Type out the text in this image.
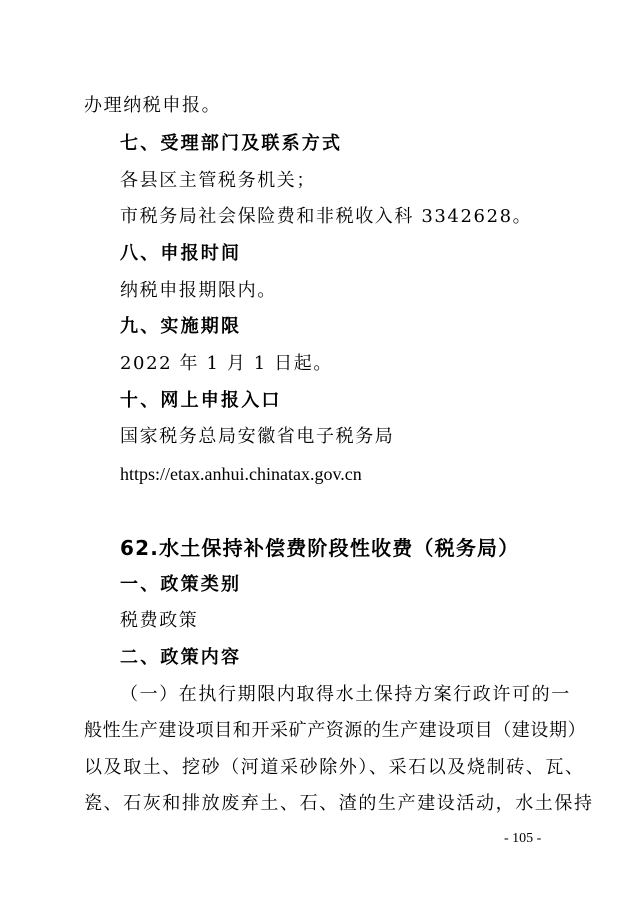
办理纳税申报。
七、受理部门及联系方式
各县区主管税务机关；
市税务局社会保险费和非税收入科 3342628。
八、申报时间
纳税申报期限内。
九、实施期限
2022 年 1 月 1 日起。
十、网上申报入口
国家税务总局安徽省电子税务局
https://etax.anhui.chinatax.gov.cn
62.水土保持补偿费阶段性收费（税务局）
一、政策类别
税费政策
二、政策内容
（一）在执行期限内取得水土保持方案行政许可的一
般性生产建设项目和开采矿产资源的生产建设项目（建设期）
以及取土、挖砂（河道采砂除外）、采石以及烧制砖、瓦、
瓷、石灰和排放废弃土、石、渣的生产建设活动，水土保持
- 105 -
